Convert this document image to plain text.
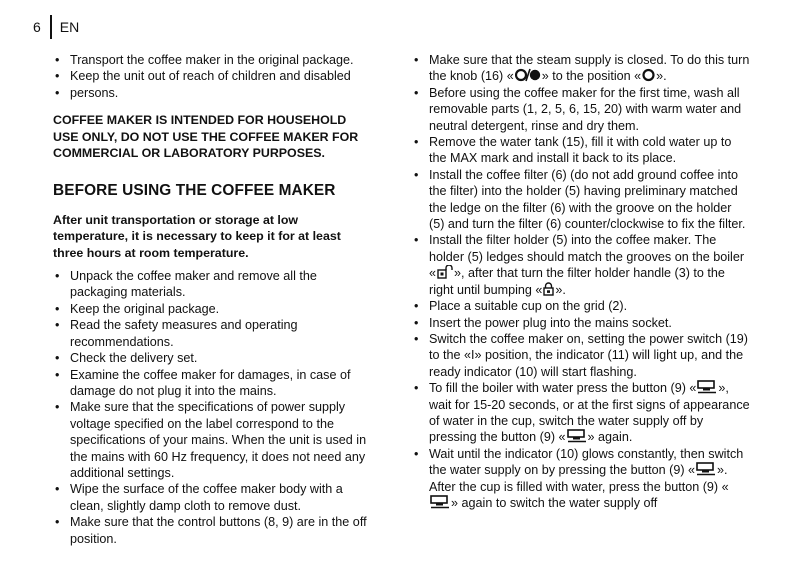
6 EN
• Transport the coffee maker in the original package.
• Keep the unit out of reach of children and disabled
• persons.
COFFEE MAKER IS INTENDED FOR HOUSEHOLD USE ONLY, DO NOT USE THE COFFEE MAKER FOR COMMERCIAL OR LABORATORY PURPOSES.
BEFORE USING THE COFFEE MAKER
After unit transportation or storage at low temperature, it is necessary to keep it for at least three hours at room temperature.
• Unpack the coffee maker and remove all the packaging materials.
• Keep the original package.
• Read the safety measures and operating recommendations.
• Check the delivery set.
• Examine the coffee maker for damages, in case of damage do not plug it into the mains.
• Make sure that the specifications of power supply voltage specified on the label correspond to the specifications of your mains. When the unit is used in the mains with 60 Hz frequency, it does not need any additional settings.
• Wipe the surface of the coffee maker body with a clean, slightly damp cloth to remove dust.
• Make sure that the control buttons (8, 9) are in the off position.
• Make sure that the steam supply is closed. To do this turn the knob (16) « » to the position « ».
• Before using the coffee maker for the first time, wash all removable parts (1, 2, 5, 6, 15, 20) with warm water and neutral detergent, rinse and dry them.
• Remove the water tank (15), fill it with cold water up to the MAX mark and install it back to its place.
• Install the coffee filter (6) (do not add ground coffee into the filter) into the holder (5) having preliminary matched the ledge on the filter (6) with the groove on the holder (5) and turn the filter (6) counter/clockwise to fix the filter.
• Install the filter holder (5) into the coffee maker. The holder (5) ledges should match the grooves on the boiler « », after that turn the filter holder handle (3) to the right until bumping « ».
• Place a suitable cup on the grid (2).
• Insert the power plug into the mains socket.
• Switch the coffee maker on, setting the power switch (19) to the «I» position, the indicator (11) will light up, and the ready indicator (10) will start flashing.
• To fill the boiler with water press the button (9) « », wait for 15-20 seconds, or at the first signs of appearance of water in the cup, switch the water supply off by pressing the button (9) « » again.
• Wait until the indicator (10) glows constantly, then switch the water supply on by pressing the button (9) « ». After the cup is filled with water, press the button (9) «
» again to switch the water supply off
